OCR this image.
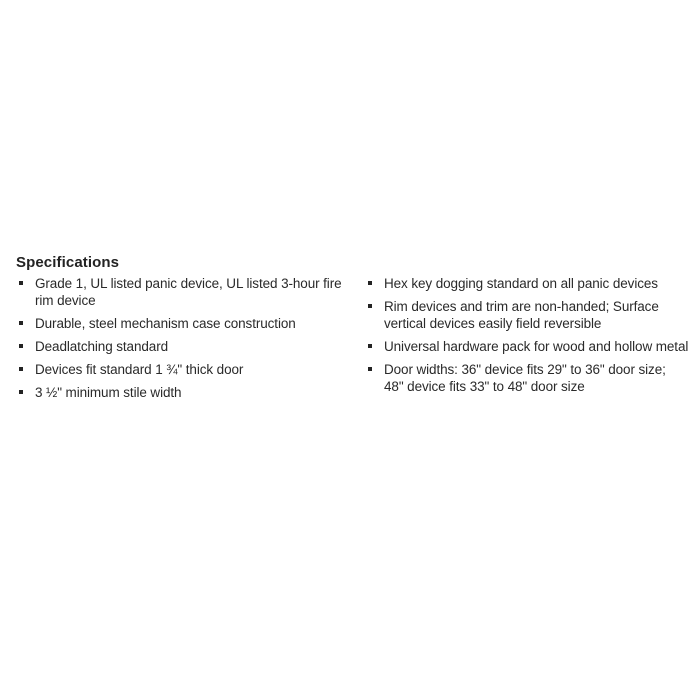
Specifications
Grade 1, UL listed panic device, UL listed 3-hour fire
rim device
Durable, steel mechanism case construction
Deadlatching standard
Devices fit standard 1 ¾" thick door
3 ½" minimum stile width
Hex key dogging standard on all panic devices
Rim devices and trim are non-handed; Surface
vertical devices easily field reversible
Universal hardware pack for wood and hollow metal
Door widths: 36" device fits 29" to 36" door size;
48" device fits 33" to 48" door size
